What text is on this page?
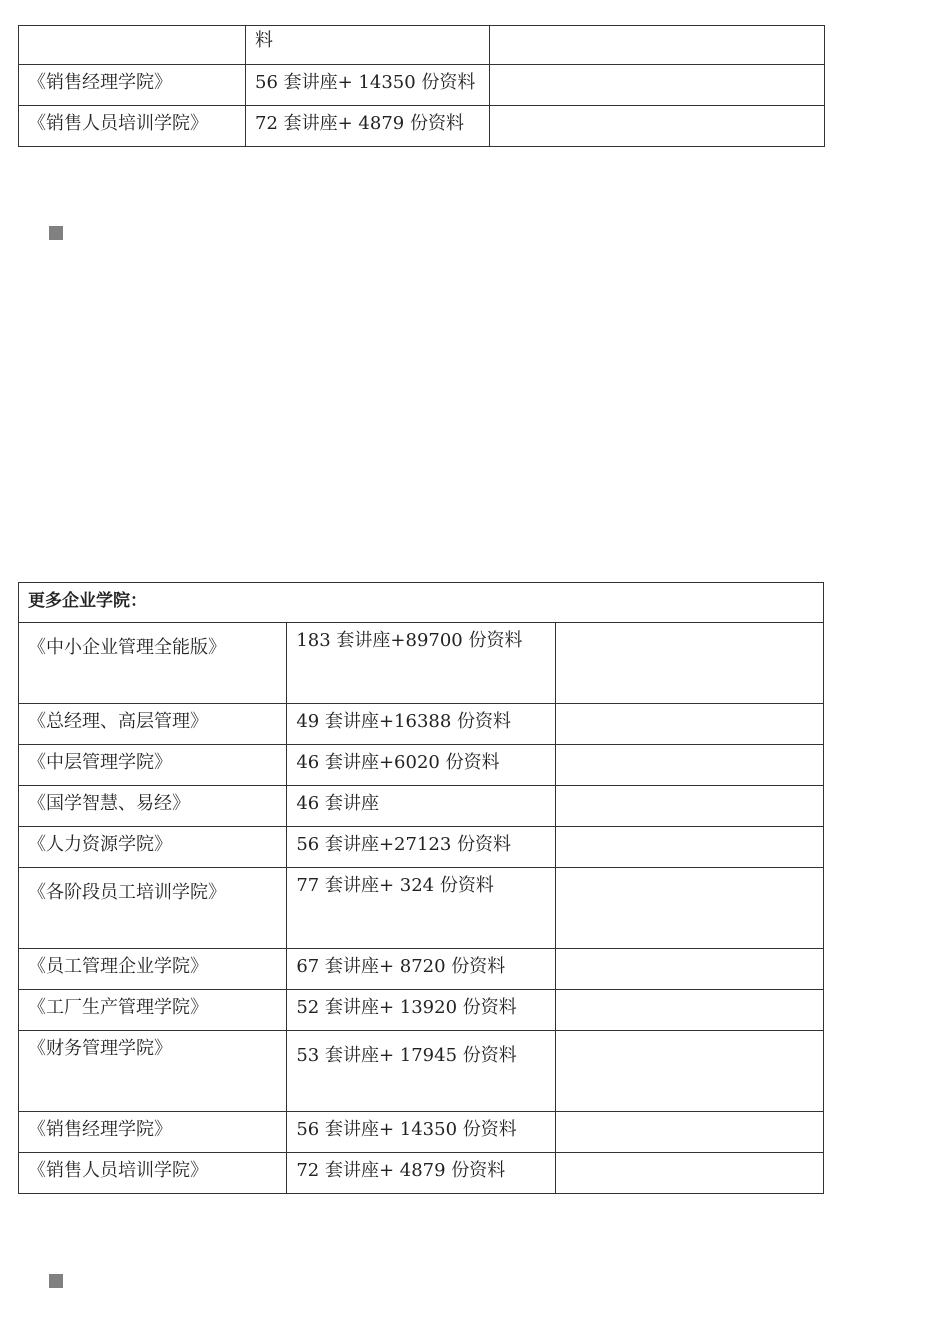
	料	
《销售经理学院》	56 套讲座+ 14350 份资料	
《销售人员培训学院》	72 套讲座+ 4879 份资料	
更多企业学院：		
《中小企业管理全能版》	183 套讲座+89700 份资料	
《总经理、高层管理》	49 套讲座+16388 份资料	
《中层管理学院》	46 套讲座+6020 份资料	
《国学智慧、易经》	46 套讲座	
《人力资源学院》	56 套讲座+27123 份资料	
《各阶段员工培训学院》	77 套讲座+ 324 份资料	
《员工管理企业学院》	67 套讲座+ 8720 份资料	
《工厂生产管理学院》	52 套讲座+ 13920 份资料	
《财务管理学院》	53 套讲座+ 17945 份资料	
《销售经理学院》	56 套讲座+ 14350 份资料	
《销售人员培训学院》	72 套讲座+ 4879 份资料	
